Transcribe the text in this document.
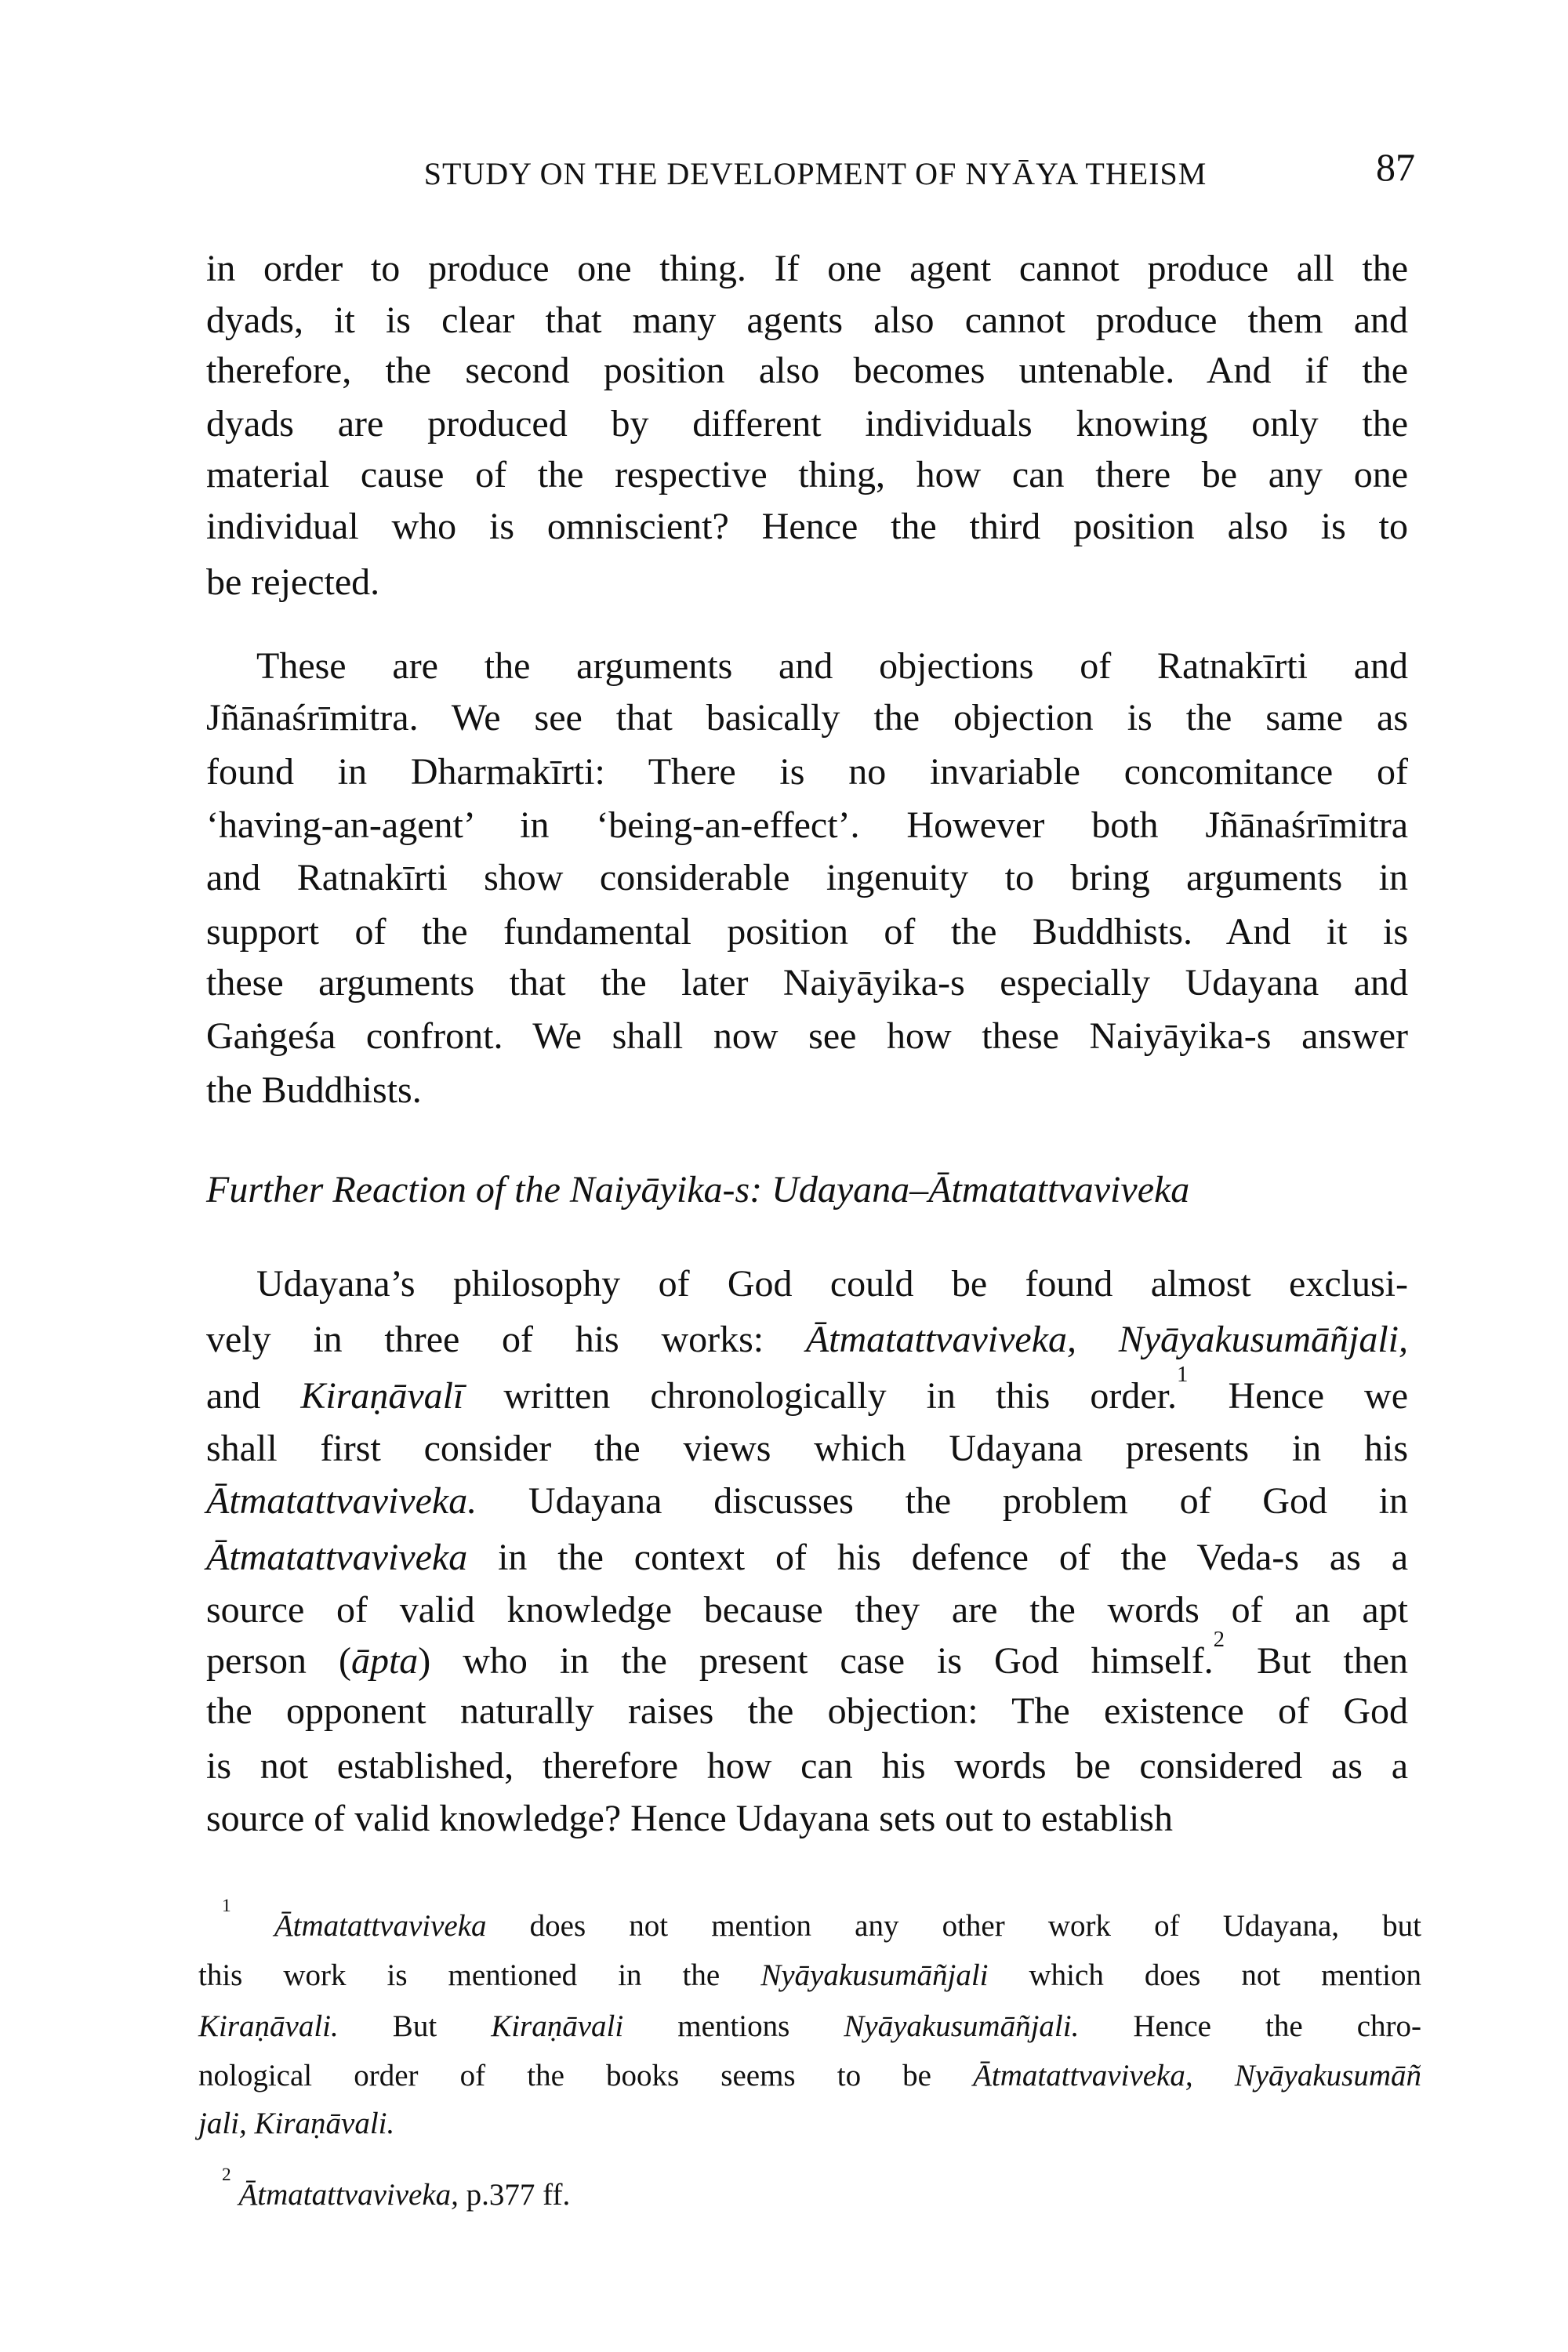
STUDY ON THE DEVELOPMENT OF NYĀYA THEISM	87
in order to produce one thing. If one agent cannot produce all the
dyads, it is clear that many agents also cannot produce them and
therefore, the second position also becomes untenable. And if the
dyads are produced by different individuals knowing only the
material cause of the respective thing, how can there be any one
individual who is omniscient? Hence the third position also is to
be rejected.
These are the arguments and objections of Ratnakīrti and
Jñānaśrīmitra. We see that basically the objection is the same as
found in Dharmakīrti: There is no invariable concomitance of
‘having-an-agent’ in ‘being-an-effect’. However both Jñānaśrīmitra
and Ratnakīrti show considerable ingenuity to bring arguments in
support of the fundamental position of the Buddhists. And it is
these arguments that the later Naiyāyika-s especially Udayana and
Gaṅgeśa confront. We shall now see how these Naiyāyika-s answer
the Buddhists.
Further Reaction of the Naiyāyika-s: Udayana–Ātmatattvaviveka
Udayana’s philosophy of God could be found almost exclusi-
vely in three of his works: Ātmatattvaviveka, Nyāyakusumāñjali,
and Kiraṇāvalī written chronologically in this order.$^1$ Hence we
shall first consider the views which Udayana presents in his
Ātmatattvaviveka. Udayana discusses the problem of God in
Ātmatattvaviveka in the context of his defence of the Veda-s as a
source of valid knowledge because they are the words of an apt
person (āpta) who in the present case is God himself.$^2$ But then
the opponent naturally raises the objection: The existence of God
is not established, therefore how can his words be considered as a
source of valid knowledge? Hence Udayana sets out to establish
$^1$ Ātmatattvaviveka does not mention any other work of Udayana, but
this work is mentioned in the Nyāyakusumāñjali which does not mention
Kiraṇāvali. But Kiraṇāvali mentions Nyāyakusumāñjali. Hence the chro-
nological order of the books seems to be Ātmatattvaviveka, Nyāyakusumāñ
jali, Kiraṇāvali.
$^2$ Ātmatattvaviveka, p.377 ff.
